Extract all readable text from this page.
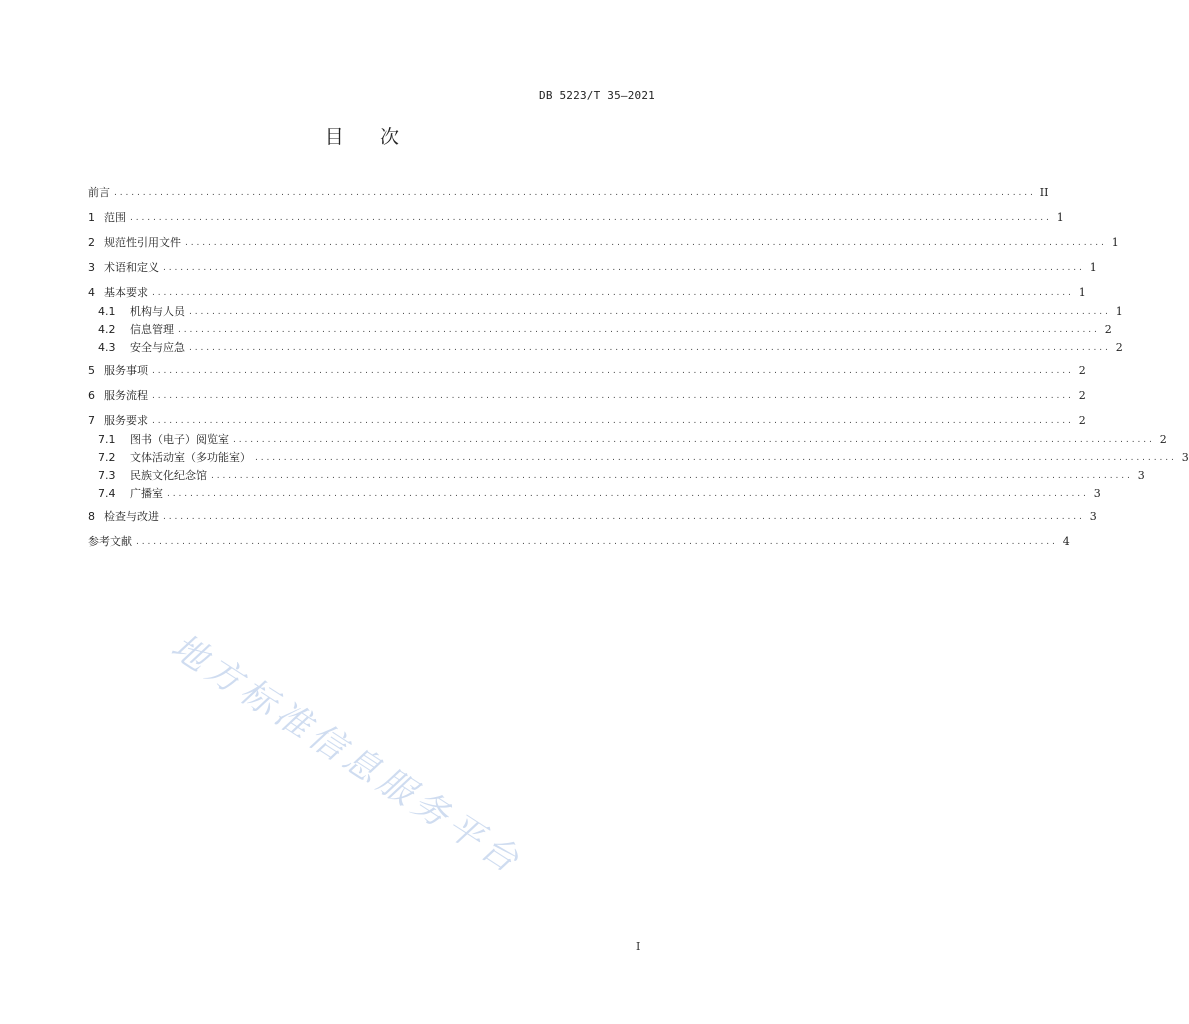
DB 5223/T 35—2021
目 次
前言 ................................................................................................................................................................ II
1 范围 ................................................................................................................................................................ 1
2 规范性引用文件 ................................................................................................................................................................ 1
3 术语和定义 ................................................................................................................................................................ 1
4 基本要求 ................................................................................................................................................................ 1
4.1	机构与人员 ................................................................................................................................................................ 1
4.2	信息管理 ................................................................................................................................................................ 2
4.3	安全与应急 ................................................................................................................................................................ 2
5 服务事项 ................................................................................................................................................................ 2
6 服务流程 ................................................................................................................................................................ 2
7 服务要求 ................................................................................................................................................................ 2
7.1	图书（电子）阅览室 ................................................................................................................................................................ 2
7.2	文体活动室（多功能室） ................................................................................................................................................................ 3
7.3	民族文化纪念馆 ................................................................................................................................................................ 3
7.4	广播室 ................................................................................................................................................................ 3
8 检查与改进 ................................................................................................................................................................ 3
参考文献 ................................................................................................................................................................ 4
地方标准信息服务平台
I
